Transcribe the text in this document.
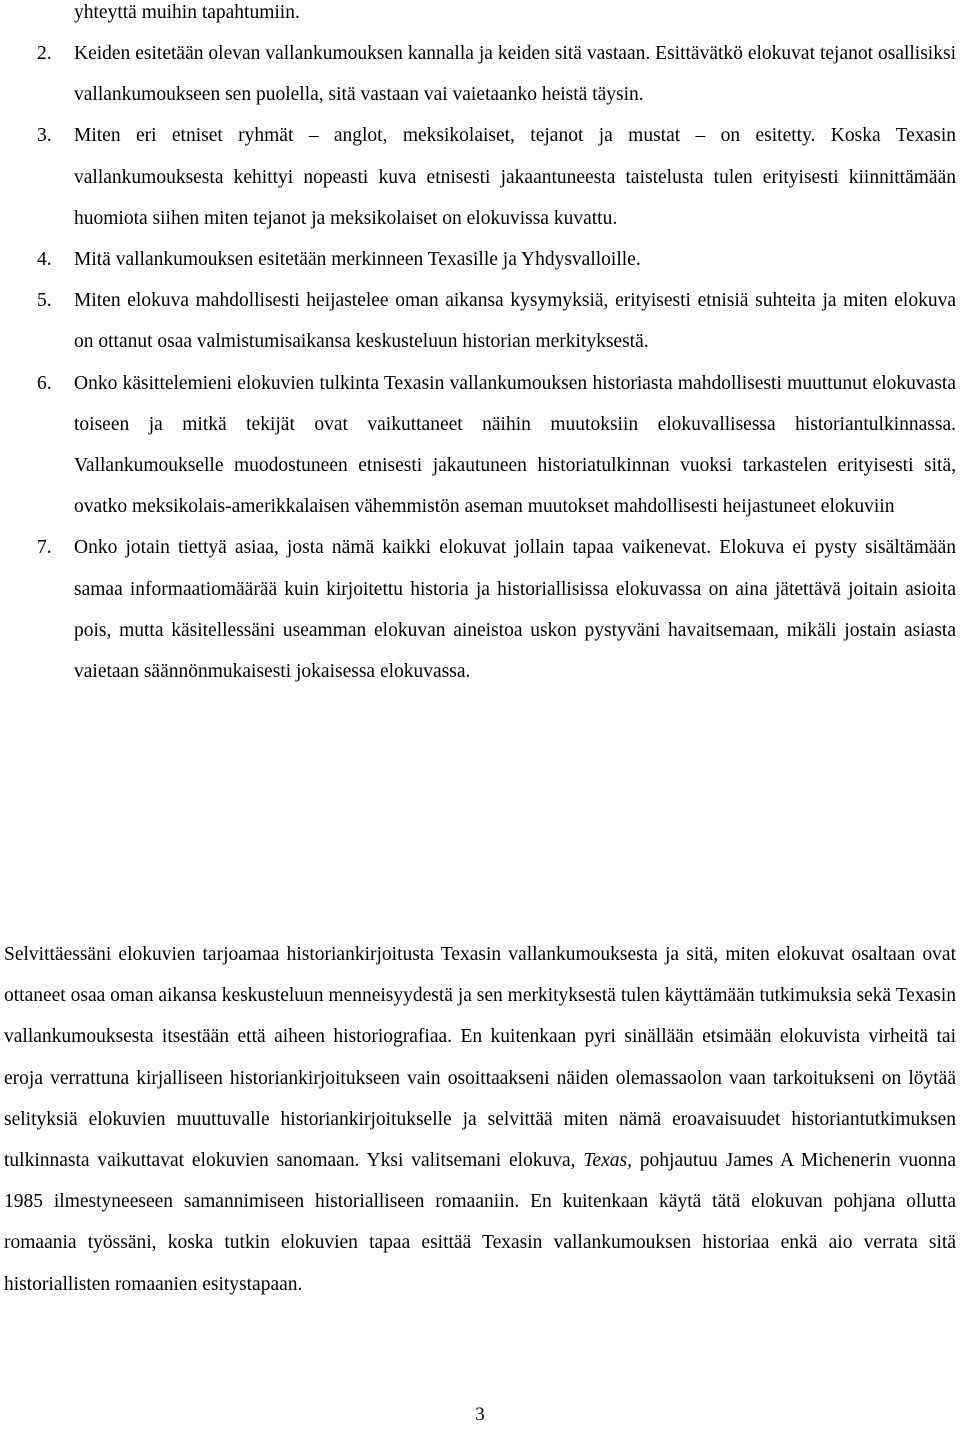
yhteyttä muihin tapahtumiin.

2. Keiden esitetään olevan vallankumouksen kannalla ja keiden sitä vastaan. Esittävätkö elokuvat tejanot osallisiksi vallankumoukseen sen puolella, sitä vastaan vai vaietaanko heistä täysin.
3. Miten eri etniset ryhmät – anglot, meksikolaiset, tejanot ja mustat – on esitetty. Koska Texasin vallankumouksesta kehittyi nopeasti kuva etnisesti jakaantuneesta taistelusta tulen erityisesti kiinnittämään huomiota siihen miten tejanot ja meksikolaiset on elokuvissa kuvattu.
4. Mitä vallankumouksen esitetään merkinneen Texasille ja Yhdysvalloille.
5. Miten elokuva mahdollisesti heijastelee oman aikansa kysymyksiä, erityisesti etnisiä suhteita ja miten elokuva on ottanut osaa valmistumisaikansa keskusteluun historian merkityksestä.
6. Onko käsittelemieni elokuvien tulkinta Texasin vallankumouksen historiasta mahdollisesti muuttunut elokuvasta toiseen ja mitkä tekijät ovat vaikuttaneet näihin muutoksiin elokuvallisessa historiantulkinnassa. Vallankumoukselle muodostuneen etnisesti jakautuneen historiatulkinnan vuoksi tarkastelen erityisesti sitä, ovatko meksikolais-amerikkalaisen vähemmistön aseman muutokset mahdollisesti heijastuneet elokuviin
7. Onko jotain tiettyä asiaa, josta nämä kaikki elokuvat jollain tapaa vaikenevat. Elokuva ei pysty sisältämään samaa informaatiomäärää kuin kirjoitettu historia ja historiallisissa elokuvassa on aina jätettävä joitain asioita pois, mutta käsitellessäni useamman elokuvan aineistoa uskon pystyväni havaitsemaan, mikäli jostain asiasta vaietaan säännönmukaisesti jokaisessa elokuvassa.

Selvittäessäni elokuvien tarjoamaa historiankirjoitusta Texasin vallankumouksesta ja sitä, miten elokuvat osaltaan ovat ottaneet osaa oman aikansa keskusteluun menneisyydestä ja sen merkityksestä tulen käyttämään tutkimuksia sekä Texasin vallankumouksesta itsestään että aiheen historiografiaa. En kuitenkaan pyri sinällään etsimään elokuvista virheitä tai eroja verrattuna kirjalliseen historiankirjoitukseen vain osoittaakseni näiden olemassaolon vaan tarkoitukseni on löytää selityksiä elokuvien muuttuvalle historiankirjoitukselle ja selvittää miten nämä eroavaisuudet historiantutkimuksen tulkinnasta vaikuttavat elokuvien sanomaan. Yksi valitsemani elokuva, Texas, pohjautuu James A Michenerin vuonna 1985 ilmestyneeseen samannimiseen historialliseen romaaniin. En kuitenkaan käytä tätä elokuvan pohjana ollutta romaania työssäni, koska tutkin elokuvien tapaa esittää Texasin vallankumouksen historiaa enkä aio verrata sitä historiallisten romaanien esitystapaan.

3
